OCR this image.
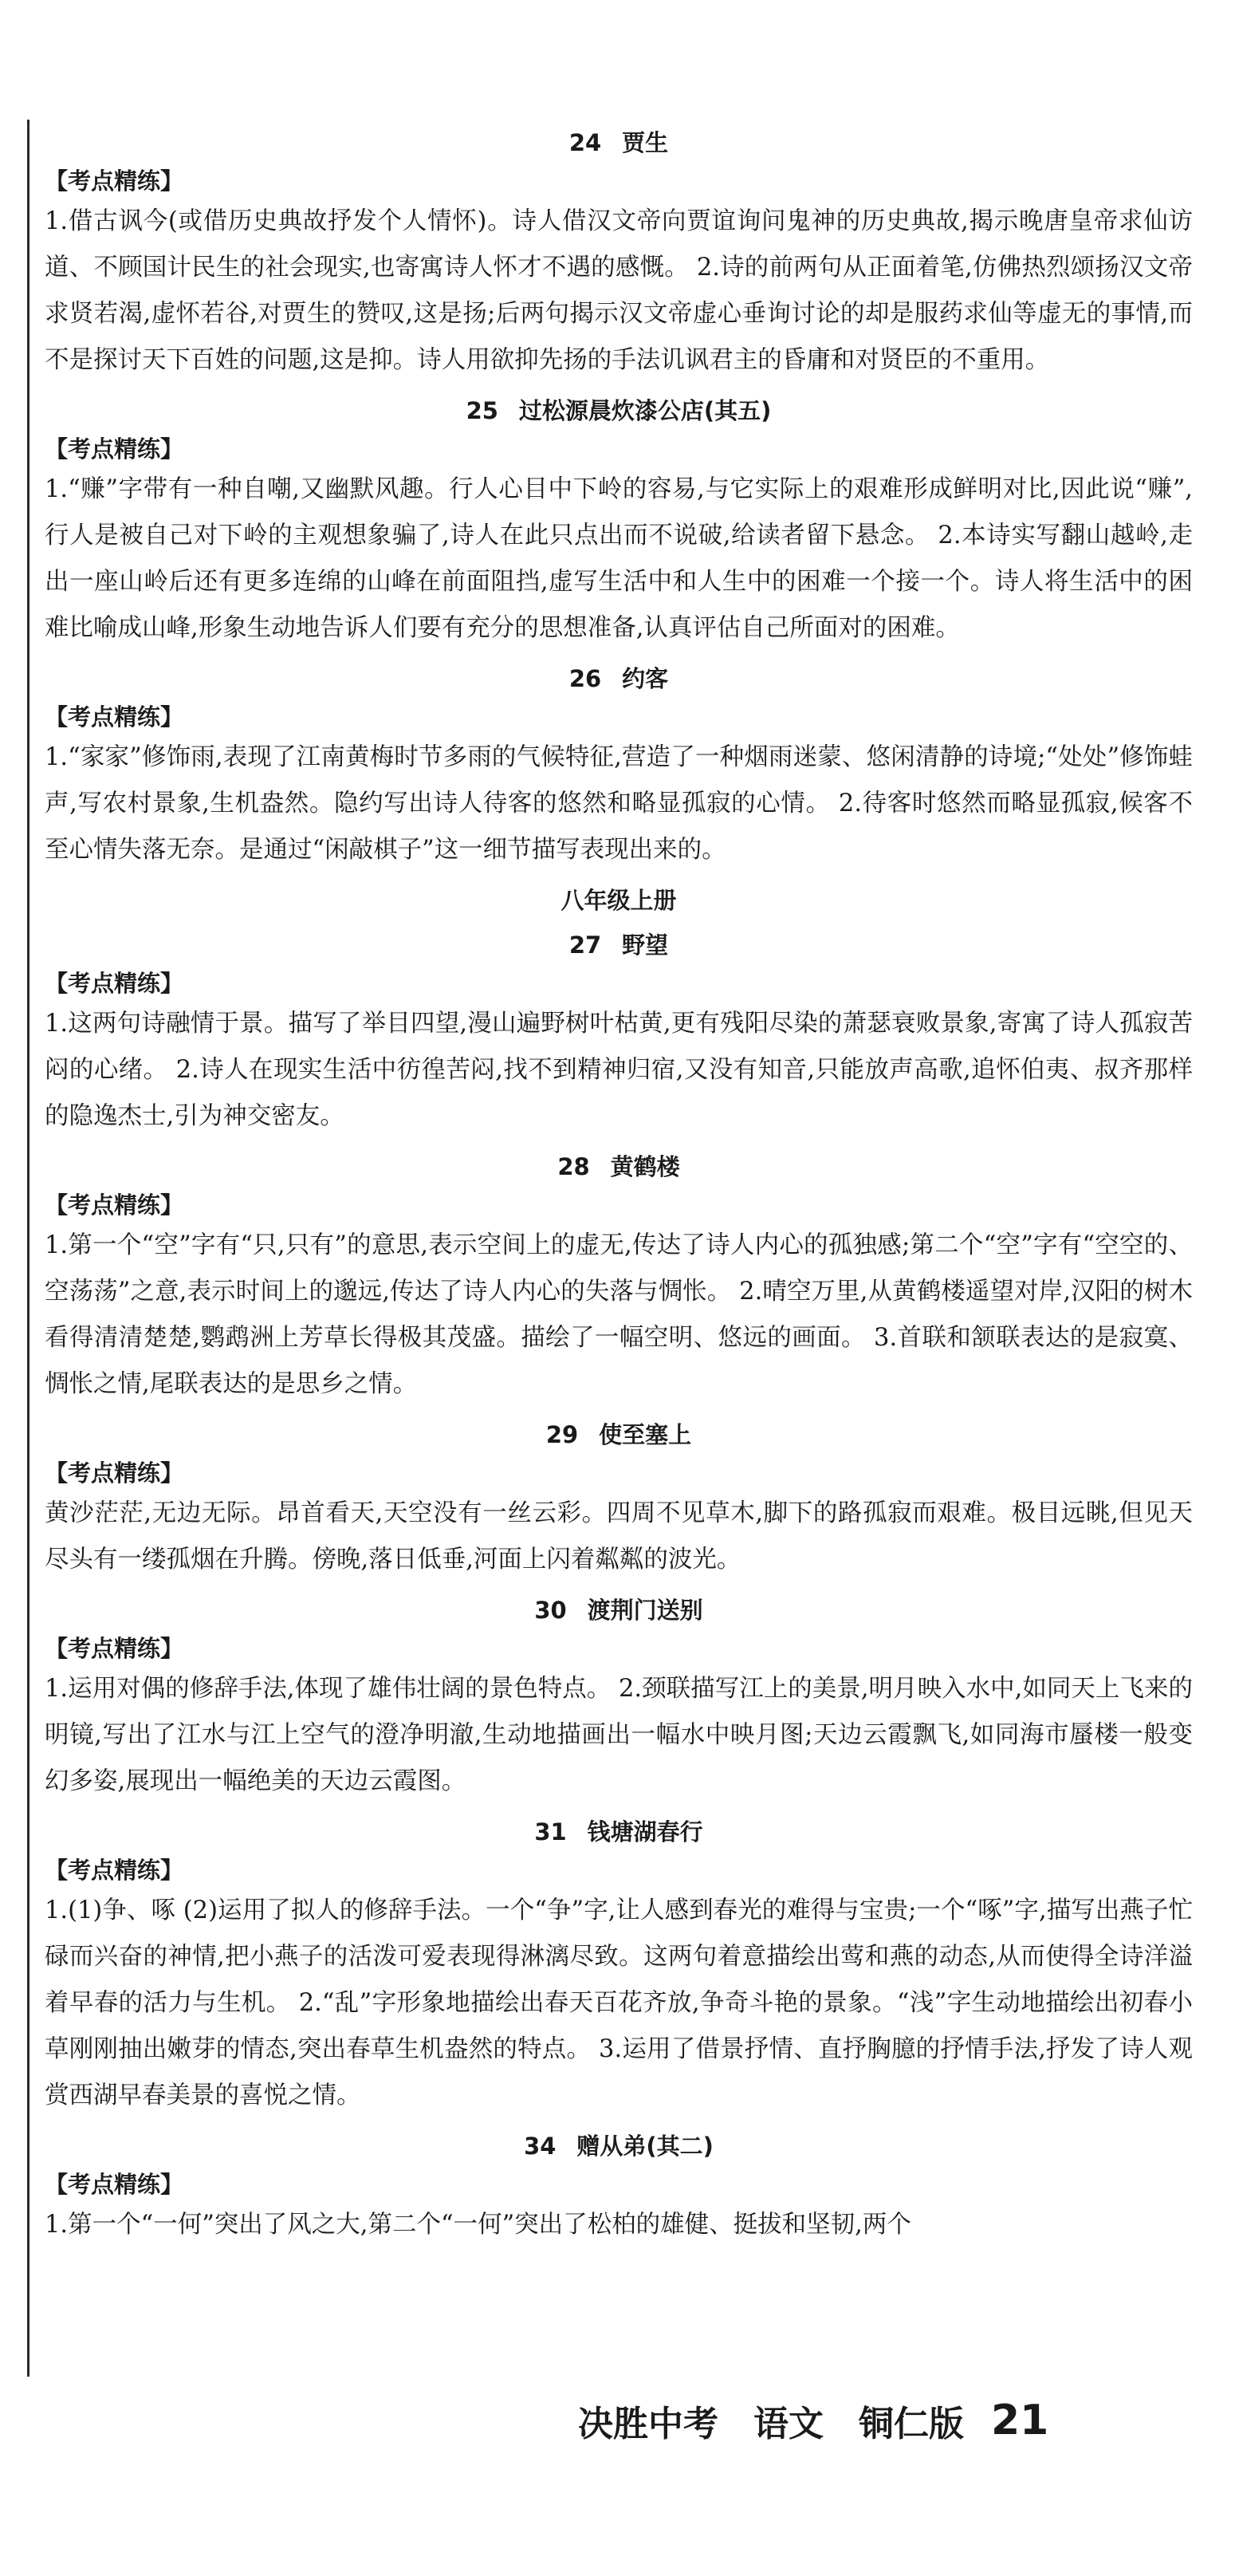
24 贾生
【考点精练】

1.借古讽今(或借历史典故抒发个人情怀)。诗人借汉文帝向贾谊询问鬼神的历史典故,揭示晚唐皇帝求仙访道、不顾国计民生的社会现实,也寄寓诗人怀才不遇的感慨。 2.诗的前两句从正面着笔,仿佛热烈颂扬汉文帝求贤若渴,虚怀若谷,对贾生的赞叹,这是扬;后两句揭示汉文帝虚心垂询讨论的却是服药求仙等虚无的事情,而不是探讨天下百姓的问题,这是抑。诗人用欲抑先扬的手法讥讽君主的昏庸和对贤臣的不重用。

25 过松源晨炊漆公店(其五)
【考点精练】

1.“赚”字带有一种自嘲,又幽默风趣。行人心目中下岭的容易,与它实际上的艰难形成鲜明对比,因此说“赚”,行人是被自己对下岭的主观想象骗了,诗人在此只点出而不说破,给读者留下悬念。 2.本诗实写翻山越岭,走出一座山岭后还有更多连绵的山峰在前面阻挡,虚写生活中和人生中的困难一个接一个。诗人将生活中的困难比喻成山峰,形象生动地告诉人们要有充分的思想准备,认真评估自己所面对的困难。

26 约客
【考点精练】

1.“家家”修饰雨,表现了江南黄梅时节多雨的气候特征,营造了一种烟雨迷蒙、悠闲清静的诗境;“处处”修饰蛙声,写农村景象,生机盎然。隐约写出诗人待客的悠然和略显孤寂的心情。 2.待客时悠然而略显孤寂,候客不至心情失落无奈。是通过“闲敲棋子”这一细节描写表现出来的。

八年级上册
27 野望
【考点精练】

1.这两句诗融情于景。描写了举目四望,漫山遍野树叶枯黄,更有残阳尽染的萧瑟衰败景象,寄寓了诗人孤寂苦闷的心绪。 2.诗人在现实生活中彷徨苦闷,找不到精神归宿,又没有知音,只能放声高歌,追怀伯夷、叔齐那样的隐逸杰士,引为神交密友。

28 黄鹤楼
【考点精练】

1.第一个“空”字有“只,只有”的意思,表示空间上的虚无,传达了诗人内心的孤独感;第二个“空”字有“空空的、空荡荡”之意,表示时间上的邈远,传达了诗人内心的失落与惆怅。 2.晴空万里,从黄鹤楼遥望对岸,汉阳的树木看得清清楚楚,鹦鹉洲上芳草长得极其茂盛。描绘了一幅空明、悠远的画面。 3.首联和颔联表达的是寂寞、惆怅之情,尾联表达的是思乡之情。

29 使至塞上
【考点精练】

黄沙茫茫,无边无际。昂首看天,天空没有一丝云彩。四周不见草木,脚下的路孤寂而艰难。极目远眺,但见天尽头有一缕孤烟在升腾。傍晚,落日低垂,河面上闪着粼粼的波光。

30 渡荆门送别
【考点精练】

1.运用对偶的修辞手法,体现了雄伟壮阔的景色特点。 2.颈联描写江上的美景,明月映入水中,如同天上飞来的明镜,写出了江水与江上空气的澄净明澈,生动地描画出一幅水中映月图;天边云霞飘飞,如同海市蜃楼一般变幻多姿,展现出一幅绝美的天边云霞图。

31 钱塘湖春行
【考点精练】

1.(1)争、啄 (2)运用了拟人的修辞手法。一个“争”字,让人感到春光的难得与宝贵;一个“啄”字,描写出燕子忙碌而兴奋的神情,把小燕子的活泼可爱表现得淋漓尽致。这两句着意描绘出莺和燕的动态,从而使得全诗洋溢着早春的活力与生机。 2.“乱”字形象地描绘出春天百花齐放,争奇斗艳的景象。“浅”字生动地描绘出初春小草刚刚抽出嫩芽的情态,突出春草生机盎然的特点。 3.运用了借景抒情、直抒胸臆的抒情手法,抒发了诗人观赏西湖早春美景的喜悦之情。

34 赠从弟(其二)
【考点精练】

1.第一个“一何”突出了风之大,第二个“一何”突出了松柏的雄健、挺拔和坚韧,两个

决胜中考 语文 铜仁版 21
